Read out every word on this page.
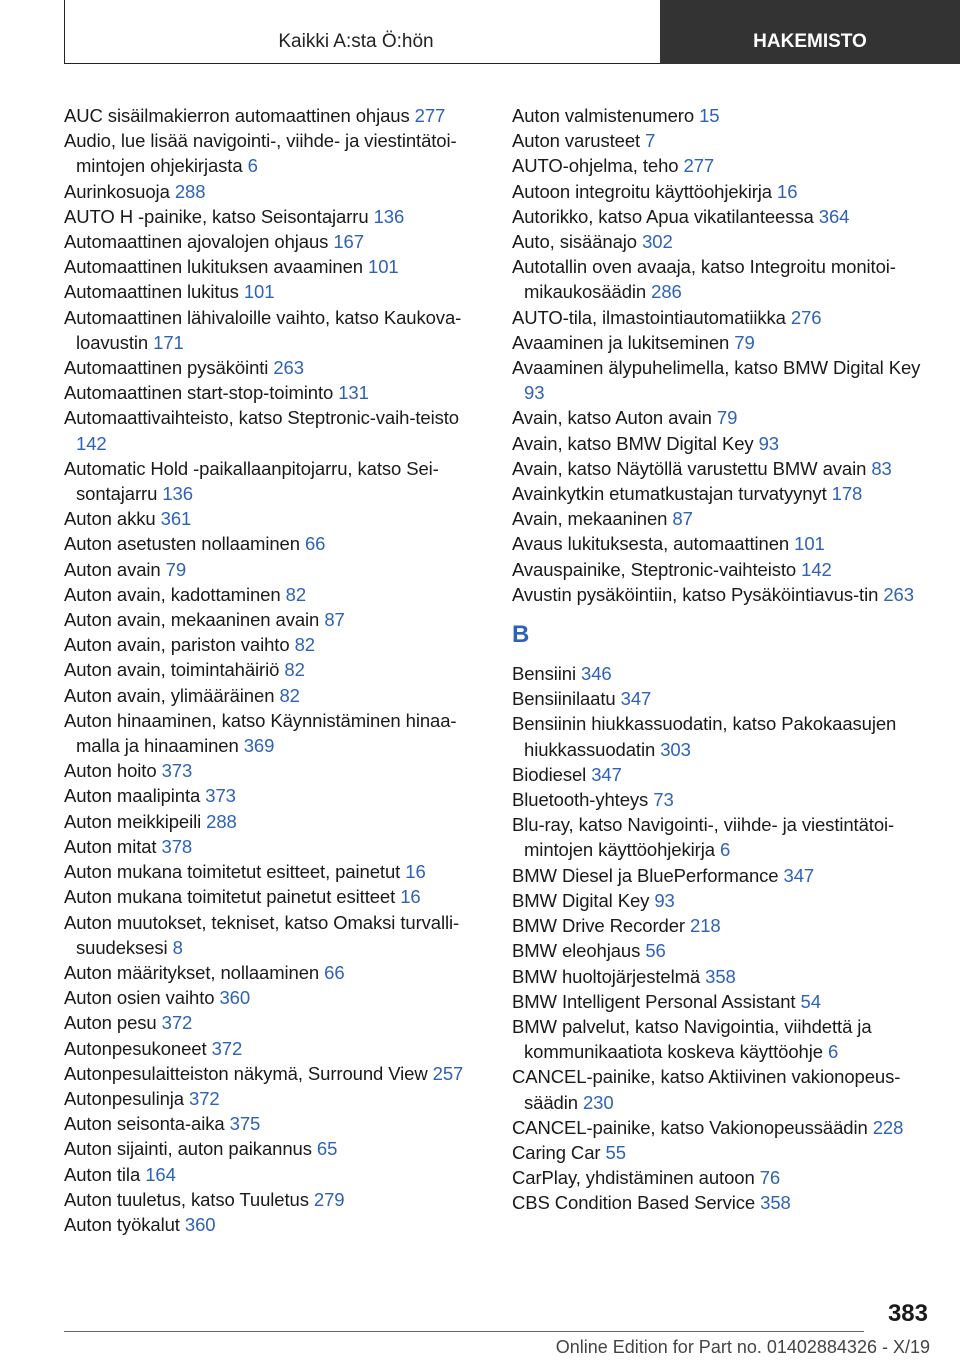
Kaikki A:sta Ö:hön	HAKEMISTO

AUC sisäilmakierron automaattinen ohjaus 277

Audio, lue lisää navigointi-, viihde- ja viestintätoi-mintojen ohjekirjasta 6

Aurinkosuoja 288

AUTO H -painike, katso Seisontajarru 136

Automaattinen ajovalojen ohjaus 167

Automaattinen lukituksen avaaminen 101

Automaattinen lukitus 101

Automaattinen lähivaloille vaihto, katso Kaukova-loavustin 171

Automaattinen pysäköinti 263

Automaattinen start-stop-toiminto 131

Automaattivaihteisto, katso Steptronic-vaih-teisto 142

Automatic Hold -paikallaanpitojarru, katso Sei-sontajarru 136

Auton akku 361

Auton asetusten nollaaminen 66

Auton avain 79

Auton avain, kadottaminen 82

Auton avain, mekaaninen avain 87

Auton avain, pariston vaihto 82

Auton avain, toimintahäiriö 82

Auton avain, ylimääräinen 82

Auton hinaaminen, katso Käynnistäminen hinaa-malla ja hinaaminen 369

Auton hoito 373

Auton maalipinta 373

Auton meikkipeili 288

Auton mitat 378

Auton mukana toimitetut esitteet, painetut 16

Auton mukana toimitetut painetut esitteet 16

Auton muutokset, tekniset, katso Omaksi turvalli-suudeksesi 8

Auton määritykset, nollaaminen 66

Auton osien vaihto 360

Auton pesu 372

Autonpesukoneet 372

Autonpesulaitteiston näkymä, Surround View 257

Autonpesulinja 372

Auton seisonta-aika 375

Auton sijainti, auton paikannus 65

Auton tila 164

Auton tuuletus, katso Tuuletus 279

Auton työkalut 360

Auton valmistenumero 15

Auton varusteet 7

AUTO-ohjelma, teho 277

Autoon integroitu käyttöohjekirja 16

Autorikko, katso Apua vikatilanteessa 364

Auto, sisäänajo 302

Autotallin oven avaaja, katso Integroitu monitoi-mikaukosäädin 286

AUTO-tila, ilmastointiautomatiikka 276

Avaaminen ja lukitseminen 79

Avaaminen älypuhelimella, katso BMW Digital Key 93

Avain, katso Auton avain 79

Avain, katso BMW Digital Key 93

Avain, katso Näytöllä varustettu BMW avain 83

Avainkytkin etumatkustajan turvatyynyt 178

Avain, mekaaninen 87

Avaus lukituksesta, automaattinen 101

Avauspainike, Steptronic-vaihteisto 142

Avustin pysäköintiin, katso Pysäköintiavus-tin 263

B

Bensiini 346

Bensiinilaatu 347

Bensiinin hiukkassuodatin, katso Pakokaasujen hiukkassuodatin 303

Biodiesel 347

Bluetooth-yhteys 73

Blu-ray, katso Navigointi-, viihde- ja viestintätoi-mintojen käyttöohjekirja 6

BMW Diesel ja BluePerformance 347

BMW Digital Key 93

BMW Drive Recorder 218

BMW eleohjaus 56

BMW huoltojärjestelmä 358

BMW Intelligent Personal Assistant 54

BMW palvelut, katso Navigointia, viihdettä ja kommunikaatiota koskeva käyttöohje 6

CANCEL-painike, katso Aktiivinen vakionopeus-säädin 230

CANCEL-painike, katso Vakionopeussäädin 228

Caring Car 55

CarPlay, yhdistäminen autoon 76

CBS Condition Based Service 358

383
Online Edition for Part no. 01402884326 - X/19
